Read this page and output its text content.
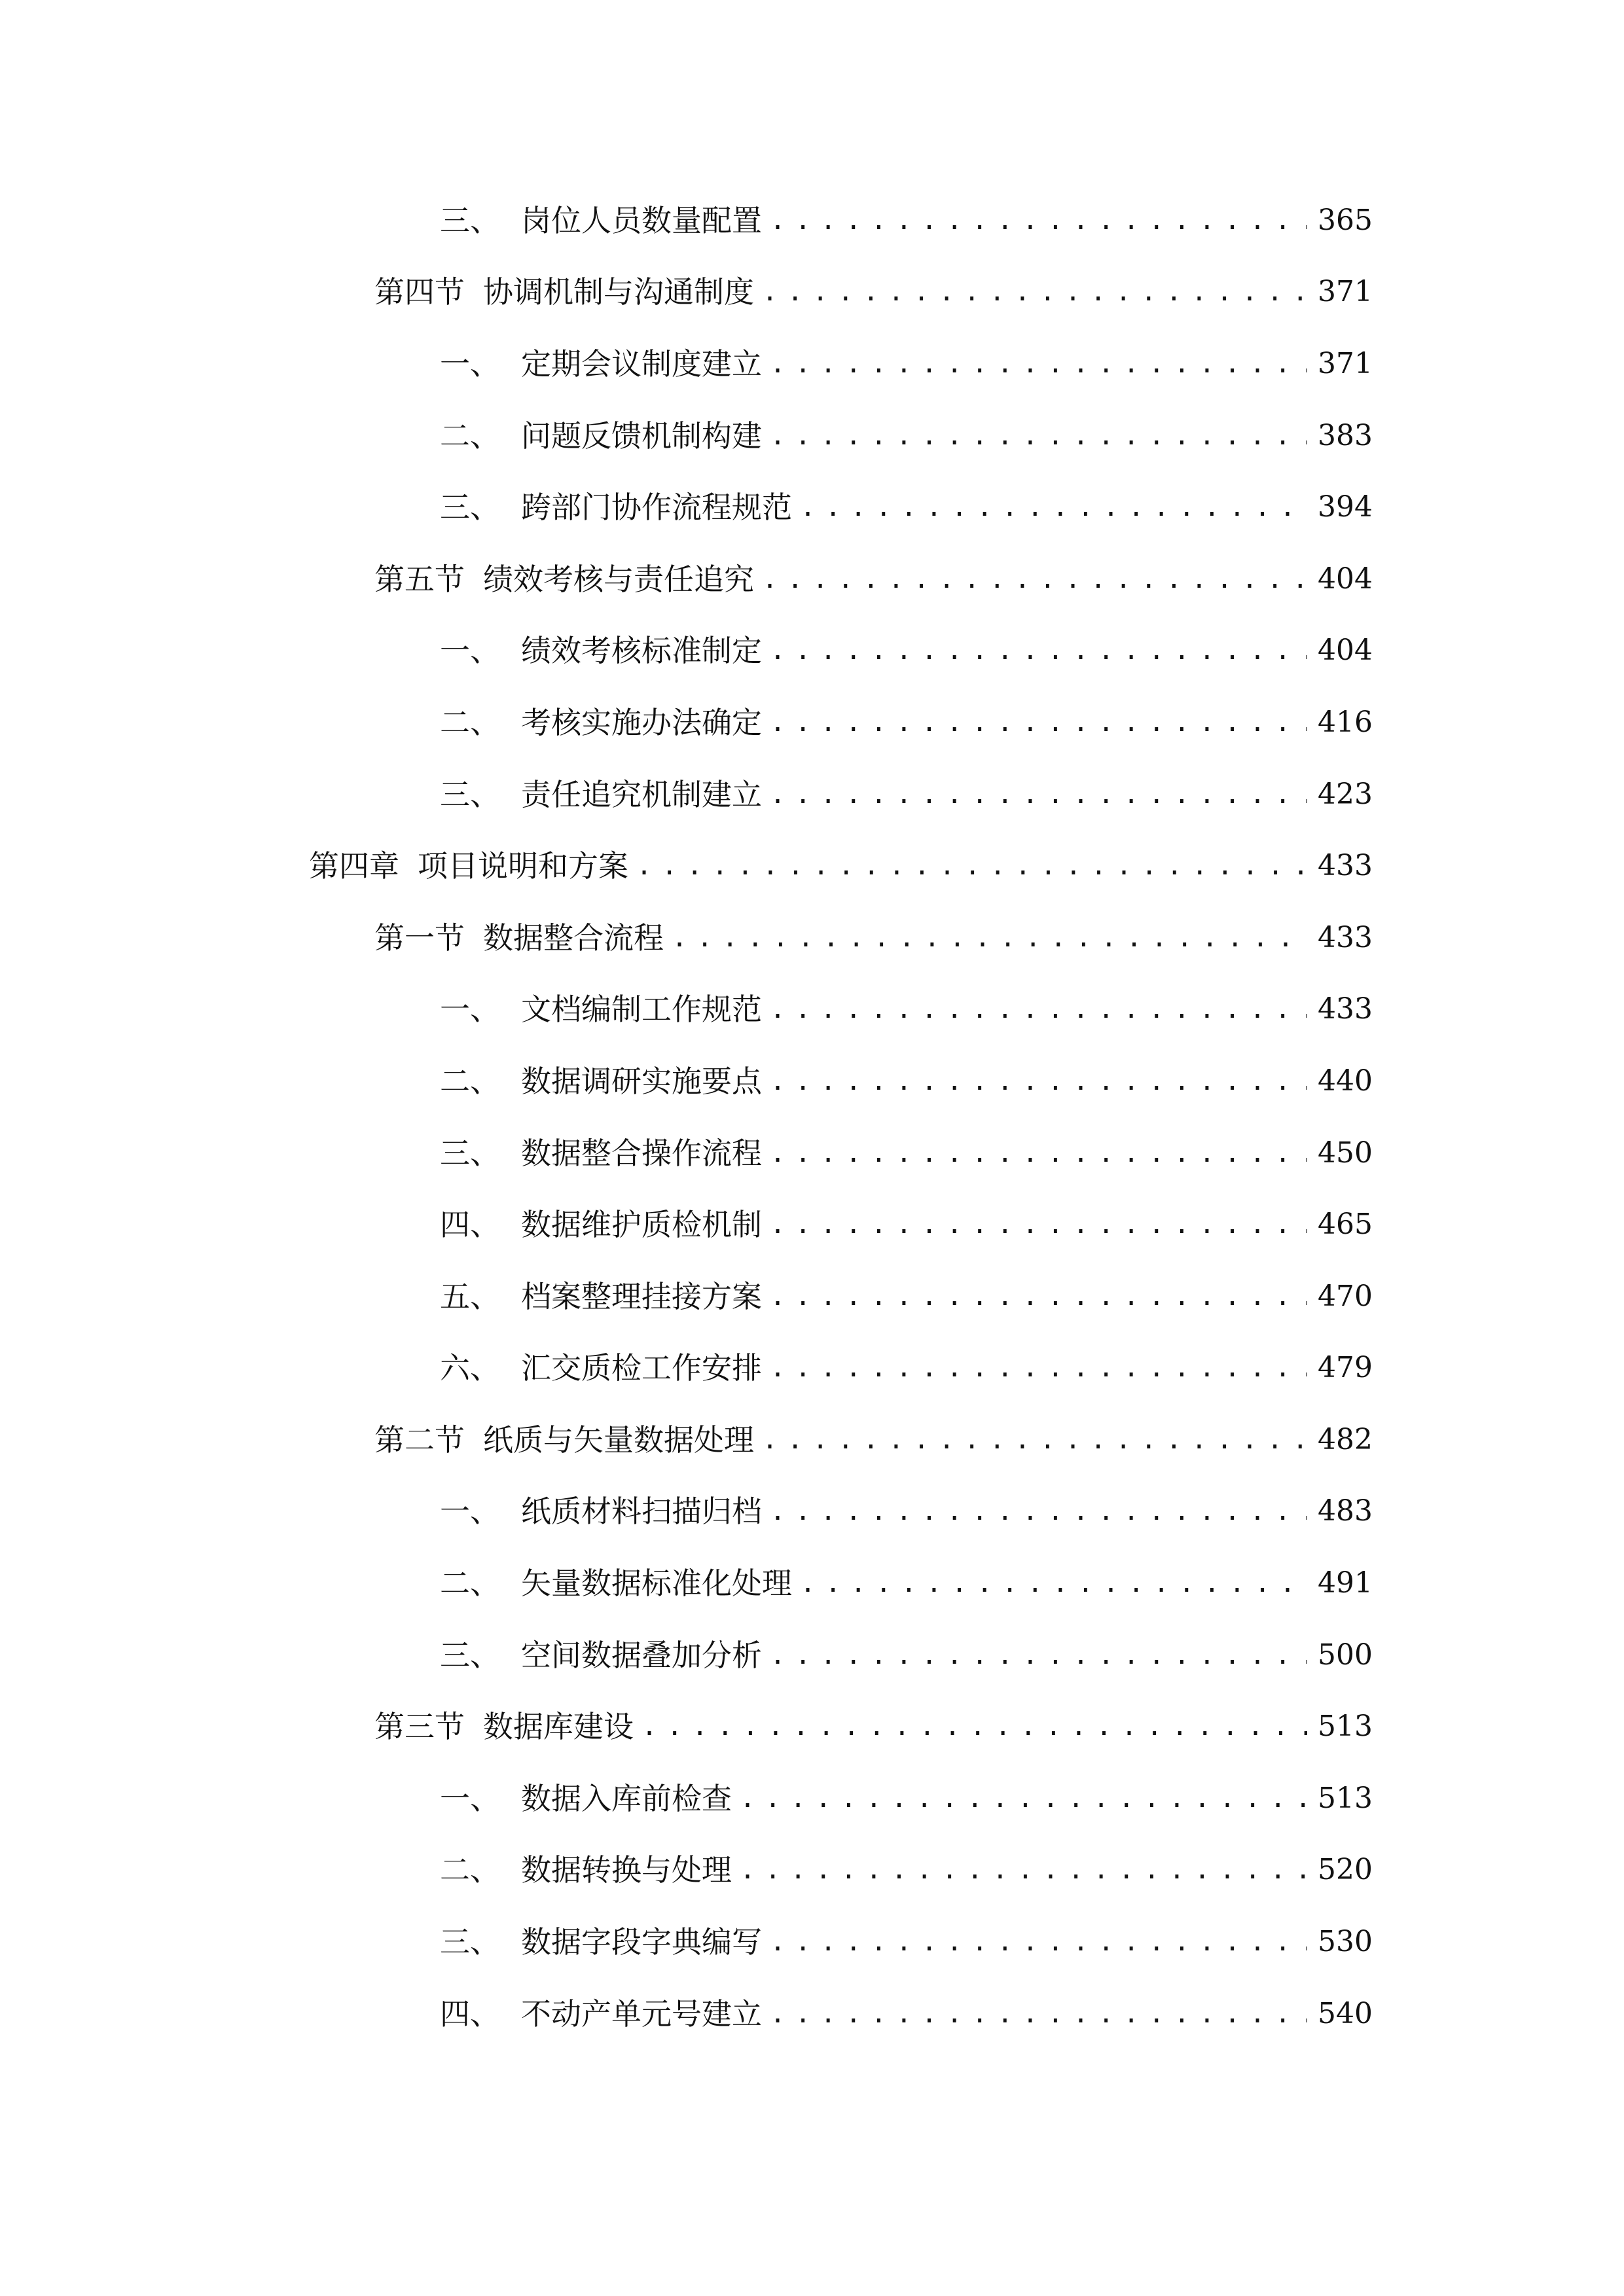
三、 岗位人员数量配置 .....	365
第四节 协调机制与沟通制度 .....	371
一、 定期会议制度建立 .....	371
二、 问题反馈机制构建 .....	383
三、 跨部门协作流程规范 .....	394
第五节 绩效考核与责任追究 .....	404
一、 绩效考核标准制定 .....	404
二、 考核实施办法确定 .....	416
三、 责任追究机制建立 .....	423
第四章 项目说明和方案 .....	433
第一节 数据整合流程 .....	433
一、 文档编制工作规范 .....	433
二、 数据调研实施要点 .....	440
三、 数据整合操作流程 .....	450
四、 数据维护质检机制 .....	465
五、 档案整理挂接方案 .....	470
六、 汇交质检工作安排 .....	479
第二节 纸质与矢量数据处理 .....	482
一、 纸质材料扫描归档 .....	483
二、 矢量数据标准化处理 .....	491
三、 空间数据叠加分析 .....	500
第三节 数据库建设 .....	513
一、 数据入库前检查 .....	513
二、 数据转换与处理 .....	520
三、 数据字段字典编写 .....	530
四、 不动产单元号建立 .....	540
